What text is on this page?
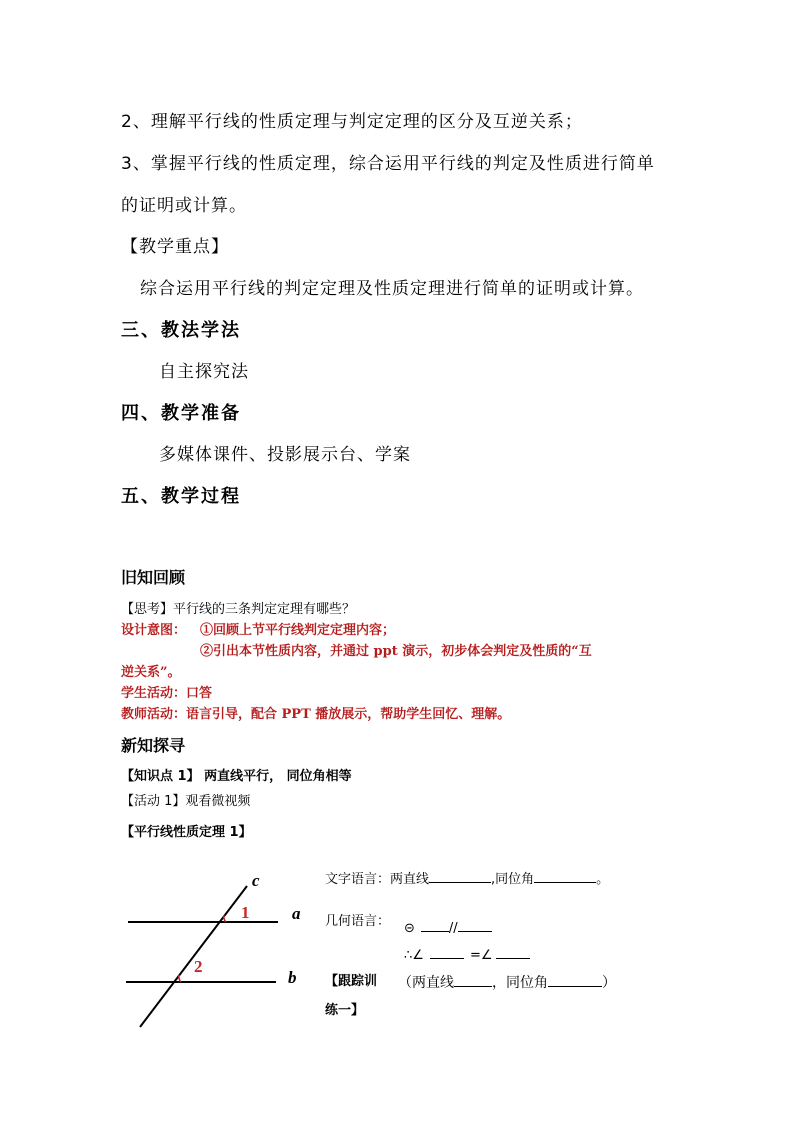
2、理解平行线的性质定理与判定定理的区分及互逆关系；
3、掌握平行线的性质定理，综合运用平行线的判定及性质进行简单
的证明或计算。
【教学重点】
综合运用平行线的判定定理及性质定理进行简单的证明或计算。
三、教法学法
自主探究法
四、教学准备
多媒体课件、投影展示台、学案
五、教学过程
旧知回顾
【思考】平行线的三条判定定理有哪些？
设计意图： ①回顾上节平行线判定定理内容；
②引出本节性质内容，并通过 ppt 演示，初步体会判定及性质的“互
逆关系”。
学生活动：口答
教师活动：语言引导，配合 PPT 播放展示，帮助学生回忆、理解。
新知探寻
【知识点 1】 两直线平行， 同位角相等
【活动 1】观看微视频
【平行线性质定理 1】
c
a
b
1
2
文字语言：两直线	,同位角	。
几何语言： ⊝	//
∴∠	=∠
【跟踪训
练一】
（两直线	，同位角	）
